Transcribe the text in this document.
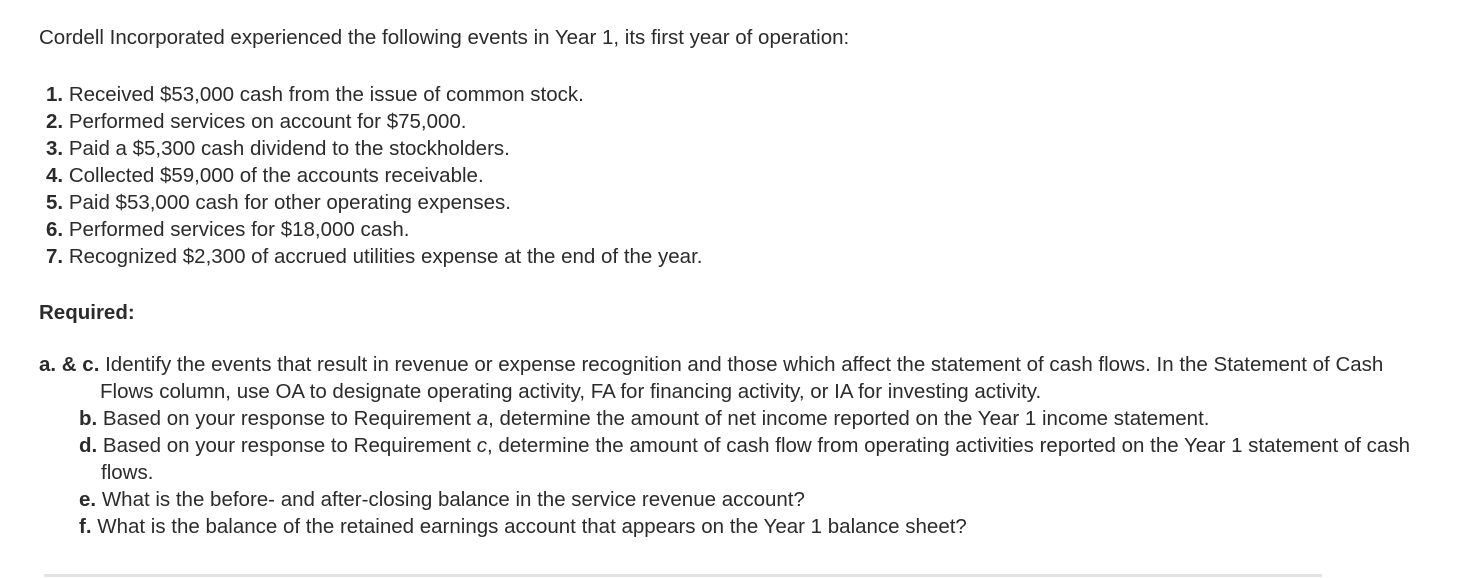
Cordell Incorporated experienced the following events in Year 1, its first year of operation:
1. Received $53,000 cash from the issue of common stock.
2. Performed services on account for $75,000.
3. Paid a $5,300 cash dividend to the stockholders.
4. Collected $59,000 of the accounts receivable.
5. Paid $53,000 cash for other operating expenses.
6. Performed services for $18,000 cash.
7. Recognized $2,300 of accrued utilities expense at the end of the year.
Required:
a. & c. Identify the events that result in revenue or expense recognition and those which affect the statement of cash flows. In the Statement of Cash Flows column, use OA to designate operating activity, FA for financing activity, or IA for investing activity.
b. Based on your response to Requirement a, determine the amount of net income reported on the Year 1 income statement.
d. Based on your response to Requirement c, determine the amount of cash flow from operating activities reported on the Year 1 statement of cash flows.
e. What is the before- and after-closing balance in the service revenue account?
f. What is the balance of the retained earnings account that appears on the Year 1 balance sheet?
